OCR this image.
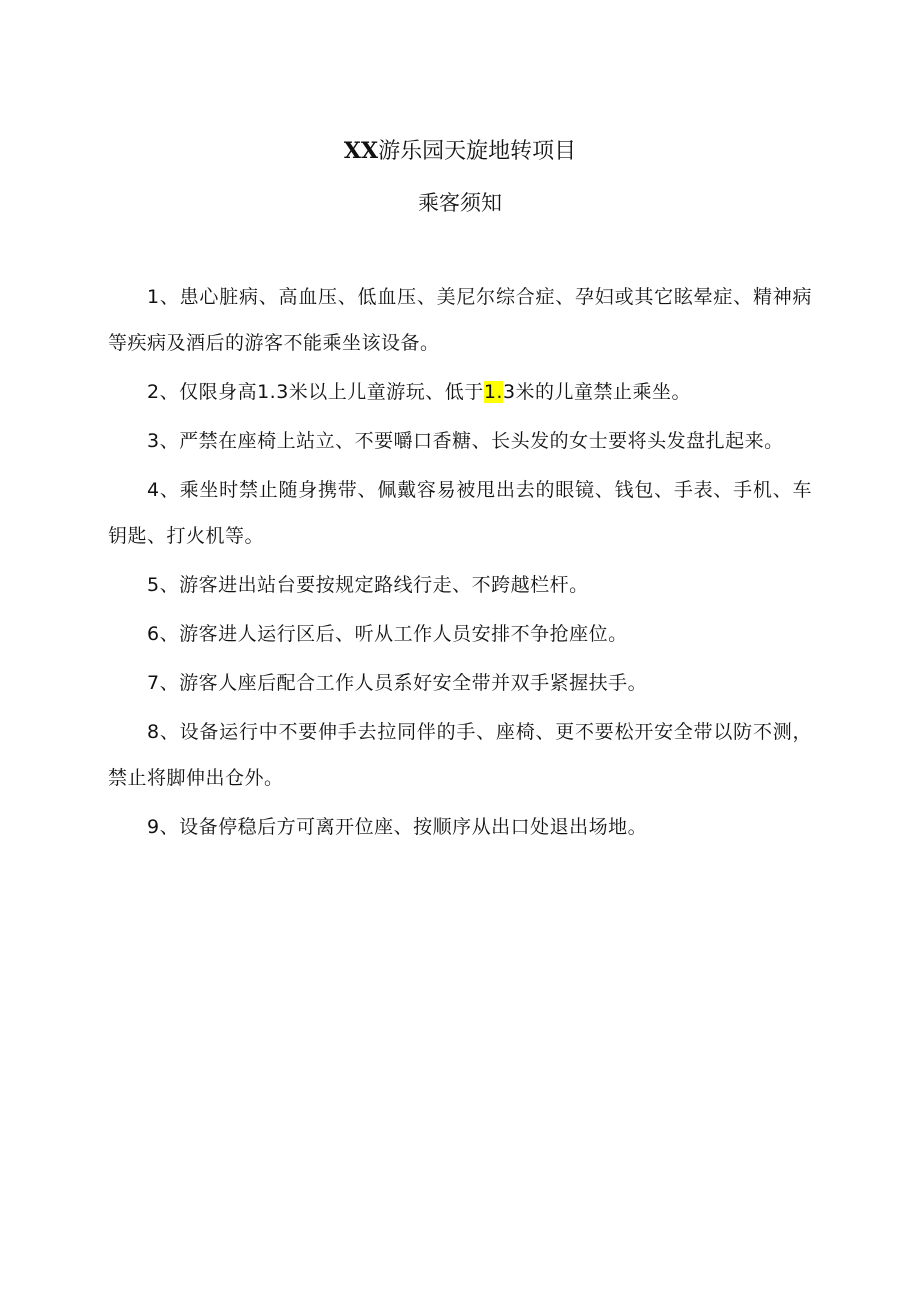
XX游乐园天旋地转项目
乘客须知
1、患心脏病、高血压、低血压、美尼尔综合症、孕妇或其它眩晕症、精神病等疾病及酒后的游客不能乘坐该设备。
2、仅限身高1.3米以上儿童游玩、低于1.3米的儿童禁止乘坐。
3、严禁在座椅上站立、不要嚼口香糖、长头发的女士要将头发盘扎起来。
4、乘坐时禁止随身携带、佩戴容易被甩出去的眼镜、钱包、手表、手机、车钥匙、打火机等。
5、游客进出站台要按规定路线行走、不跨越栏杆。
6、游客进人运行区后、听从工作人员安排不争抢座位。
7、游客人座后配合工作人员系好安全带并双手紧握扶手。
8、设备运行中不要伸手去拉同伴的手、座椅、更不要松开安全带以防不测，禁止将脚伸出仓外。
9、设备停稳后方可离开位座、按顺序从出口处退出场地。
